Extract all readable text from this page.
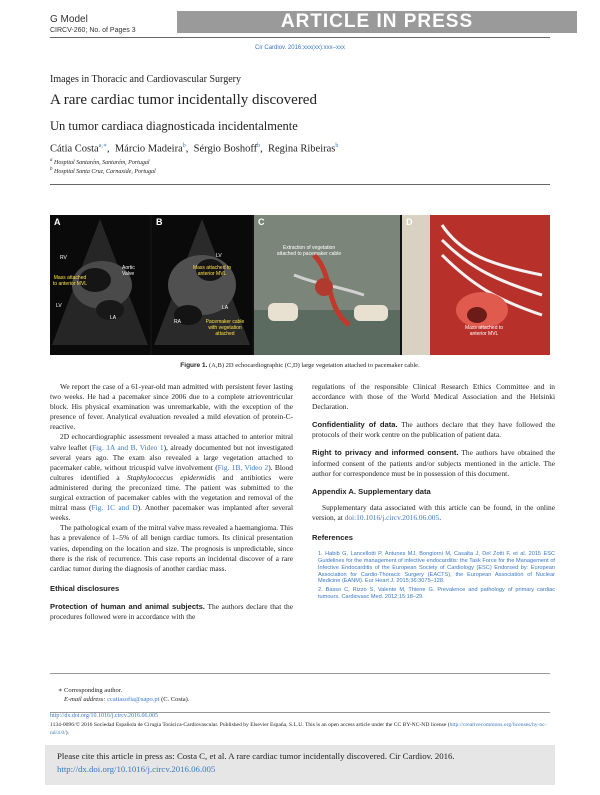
G Model
CIRCV-260; No. of Pages 3	ARTICLE IN PRESS
Cir Cardiov. 2016;xxx(xx):xxx–xxx
Images in Thoracic and Cardiovascular Surgery
A rare cardiac tumor incidentally discovered
Un tumor cardiaca diagnosticada incidentalmente
Cátia Costa$^{a,∗}$,  Márcio Madeira$^b$,  Sérgio Boshoff$^b$,  Regina Ribeiras$^b$
$^a$ Hospital Santarém, Santarém, Portugal
$^b$ Hospital Santa Cruz, Carnaxide, Portugal
A
Mass attached to anterior MVL
Aortic Valve
LV
LA
RV
B
Mass attached to anterior MVL
LV
LA
RA	Pacemaker cable with vegetation attached
C
Extraction of vegetation attached to pacemaker cable
D
Mass attached to anterior MVL
Figure 1. (A,B) 2D echocardiographic (C,D) large vegetation attached to pacemaker cable.

We report the case of a 61-year-old man admitted with persistent fever lasting two weeks. He had a pacemaker since 2006 due to a complete atrioventricular block. His physical examination was unremarkable, with the exception of the presence of fever. Analytical evaluation revealed a mild elevation of protein-C-reactive.

2D echocardiographic assessment revealed a mass attached to anterior mitral valve leaflet (Fig. 1A and B, Video 1), already documented but not investigated several years ago. The exam also revealed a large vegetation attached to pacemaker cable, without tricuspid valve involvement (Fig. 1B, Video 2). Blood cultures identified a Staphylococcus epidermidis and antibiotics were administered during the preconized time. The patient was submitted to the surgical extraction of pacemaker cables with the vegetation and removal of the mitral mass (Fig. 1C and D). Another pacemaker was implanted after several weeks.

The pathological exam of the mitral valve mass revealed a haemangioma. This has a prevalence of 1–5% of all benign cardiac tumors. Its clinical presentation varies, depending on the location and size. The prognosis is unpredictable, since there is the risk of recurrence. This case reports an incidental discover of a rare cardiac tumor during the diagnosis of another cardiac mass.

Ethical disclosures

Protection of human and animal subjects. The authors declare that the procedures followed were in accordance with the

regulations of the responsible Clinical Research Ethics Committee and in accordance with those of the World Medical Association and the Helsinki Declaration.

Confidentiality of data. The authors declare that they have followed the protocols of their work centre on the publication of patient data.

Right to privacy and informed consent. The authors have obtained the informed consent of the patients and/or subjects mentioned in the article. The author for correspondence must be in possession of this document.

Appendix A. Supplementary data

Supplementary data associated with this article can be found, in the online version, at doi:10.1016/j.circv.2016.06.005.

References

1. Habib G, Lancellotti P, Antunes MJ, Bongiorni M, Casalta J, Del Zotti F, et al. 2015 ESC Guidelines for the management of infective endocarditis: the Task Force for the Management of Infective Endocarditis of the European Society of Cardiology (ESC) Endorsed by: European Association for Cardio-Thoracic Surgery (EACTS), the European Association of Nuclear Medicine (EANM). Eur Heart J. 2015;36:3075–128.
2. Basso C, Rizzo S, Valente M, Thiene G. Prevalence and pathology of primary cardiac tumours. Cardiovasc Med. 2012;15:18–29.
∗ Corresponding author.
E-mail address: ccatiasofia@sapo.pt (C. Costa).
http://dx.doi.org/10.1016/j.circv.2016.06.005
1134-0096/© 2016 Sociedad Española de Cirugía Torácica-Cardiovascular. Published by Elsevier España, S.L.U. This is an open access article under the CC BY-NC-ND license (http://creativecommons.org/licenses/by-nc-nd/4.0/).
Please cite this article in press as: Costa C, et al. A rare cardiac tumor incidentally discovered. Cir Cardiov. 2016.
http://dx.doi.org/10.1016/j.circv.2016.06.005
